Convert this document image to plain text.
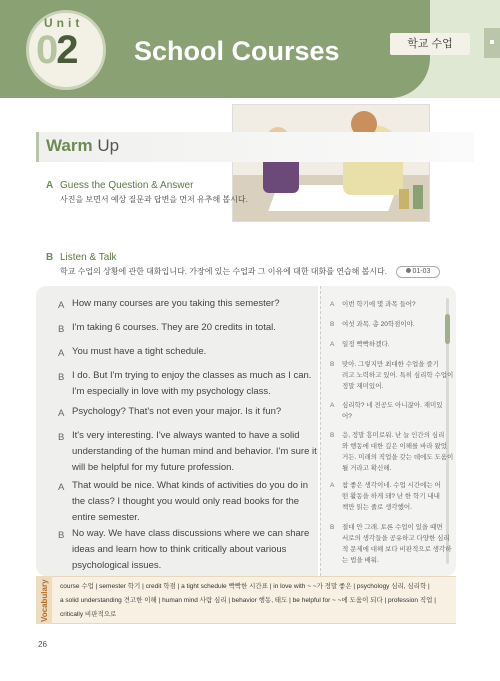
Unit
02 School Courses	학교 수업
Warm Up
A Guess the Question & Answer
사진을 보면서 예상 질문과 답변을 먼저 유추해 봅시다.
B Listen & Talk
학교 수업의 상황에 관한 대화입니다. 가장에 있는 수업과 그 이유에 대한 대화를 연습해 봅시다.	01-03
A How many courses are you taking this semester?
B I'm taking 6 courses. They are 20 credits in total.
A You must have a tight schedule.
B I do. But I'm trying to enjoy the classes as much as I can.
I'm especially in love with my psychology class.
A Psychology? That's not even your major. Is it fun?
B It's very interesting. I've always wanted to have a solid
understanding of the human mind and behavior. I'm sure it
will be helpful for my future profession.
A That would be nice. What kinds of activities do you do in
the class? I thought you would only read books for the
entire semester.
B No way. We have class discussions where we can share
ideas and learn how to think critically about various
psychological issues.
A 이번 학기에 몇 과목 들어?
B 여섯 과목. 총 20학점이야.
A 일정 빡빡하겠다.
B 맞아. 그렇지만 최대한 수업을 즐기
려고 노력하고 있어. 특히 심리학 수업이
정말 재미있어.
A 심리학? 네 전공도 아니잖아. 재미있
어?
B 응, 정말 흥미로워. 난 늘 인간의 심리
와 행동에 대한 깊은 이해를 바라 왔었
거든. 미래의 직업을 갖는 데에도 도움이
될 거라고 확신해.
A 참 좋은 생각이네. 수업 시간에는 어
떤 활동을 하게 돼? 난 한 학기 내내
책만 읽는 줄로 생각했어.
B 절대 안 그래. 토론 수업이 있을 때면
서로의 생각들을 공유하고 다양한 심리
적 문제에 대해 보다 비판적으로 생각하
는 법을 배워.
Vocabulary course 수업 | semester 학기 | credit 학점 | a tight schedule 빡빡한 시간표 | in love with ~ ~가 정말 좋은 | psychology 심리, 심리학 |
a solid understanding 견고한 이해 | human mind 사람 심리 | behavior 행동, 태도 | be helpful for ~ ~에 도움이 되다 | profession 직업 |
critically 비판적으로
26
